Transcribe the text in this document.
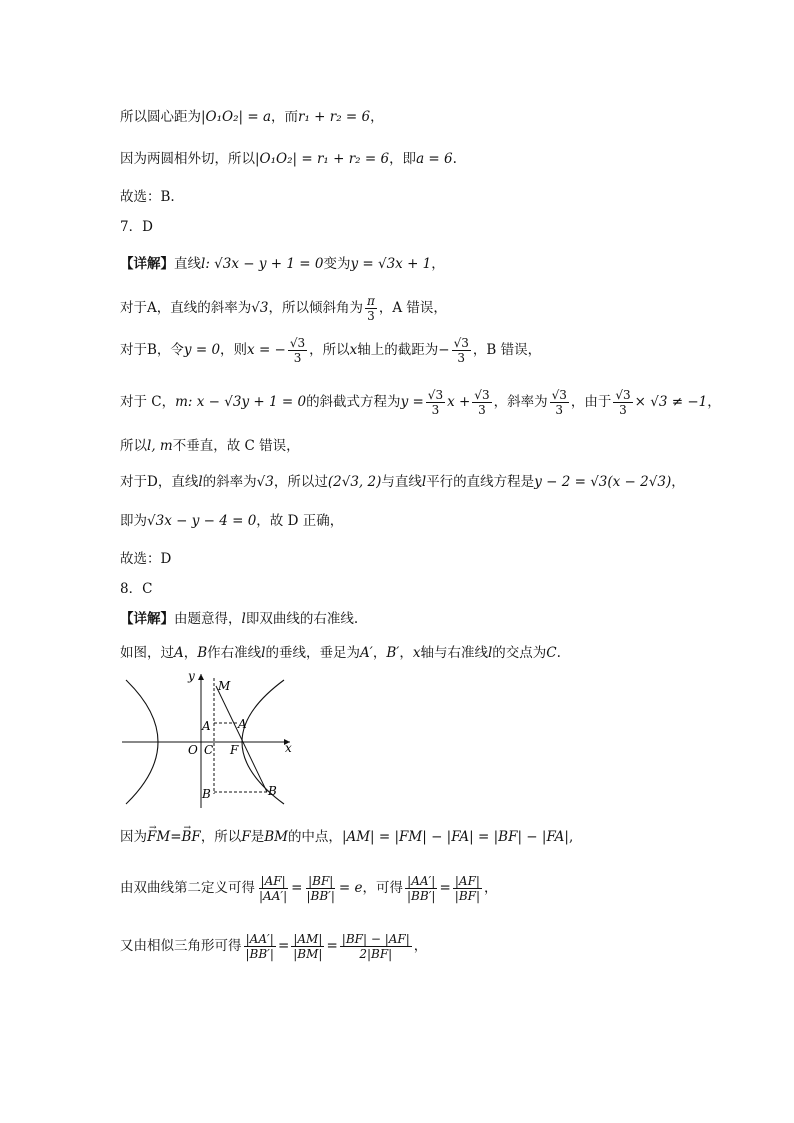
所以圆心距为|O₁O₂| = a，而r₁ + r₂ = 6，
因为两圆相外切，所以|O₁O₂| = r₁ + r₂ = 6，即a = 6.
故选：B.
7．D
【详解】直线l: √3x − y + 1 = 0变为y = √3x + 1，
对于A，直线的斜率为√3，所以倾斜角为 $\frac{\pi}{3}$ ，A 错误，
对于B，令y = 0，则x = − $\frac{√3}{3}$ ，所以x轴上的截距为− $\frac{√3}{3}$ ，B 错误，
对于 C，m: x − √3y + 1 = 0的斜截式方程为$y = \frac{√3}{3}$ $x + \frac{√3}{3}$ ，斜率为 $\frac{√3}{3}$ ，由于 $\frac{√3}{3} \times √3 \ne -1$，
所以l, m不垂直，故 C 错误，
对于D，直线l的斜率为√3，所以过(2√3, 2)与直线l平行的直线方程是y − 2 = √3(x − 2√3)，
即为√3x − y − 4 = 0，故 D 正确，
故选：D
8．C
【详解】由题意得，l即双曲线的右准线.
如图，过A，B作右准线l的垂线，垂足为A′，B′，x轴与右准线l的交点为C.
y
x
M
A A
O C F
B	B
因为→ FM=→ BF，所以F是BM的中点，|AM| = |FM| − |FA| = |BF| − |FA|,
由双曲线第二定义可得 $\frac{|AF|}{|AA'|} = \frac{|BF|}{|BB'|} = e$，可得 $\frac{|AA'|}{|BB'|} = \frac{|AF|}{|BF|}$ ，
又由相似三角形可得 $\frac{|AA'|}{|BB'|} = \frac{|AM|}{|BM|} = \frac{|BF| - |AF|}{2|BF|}$ ，
